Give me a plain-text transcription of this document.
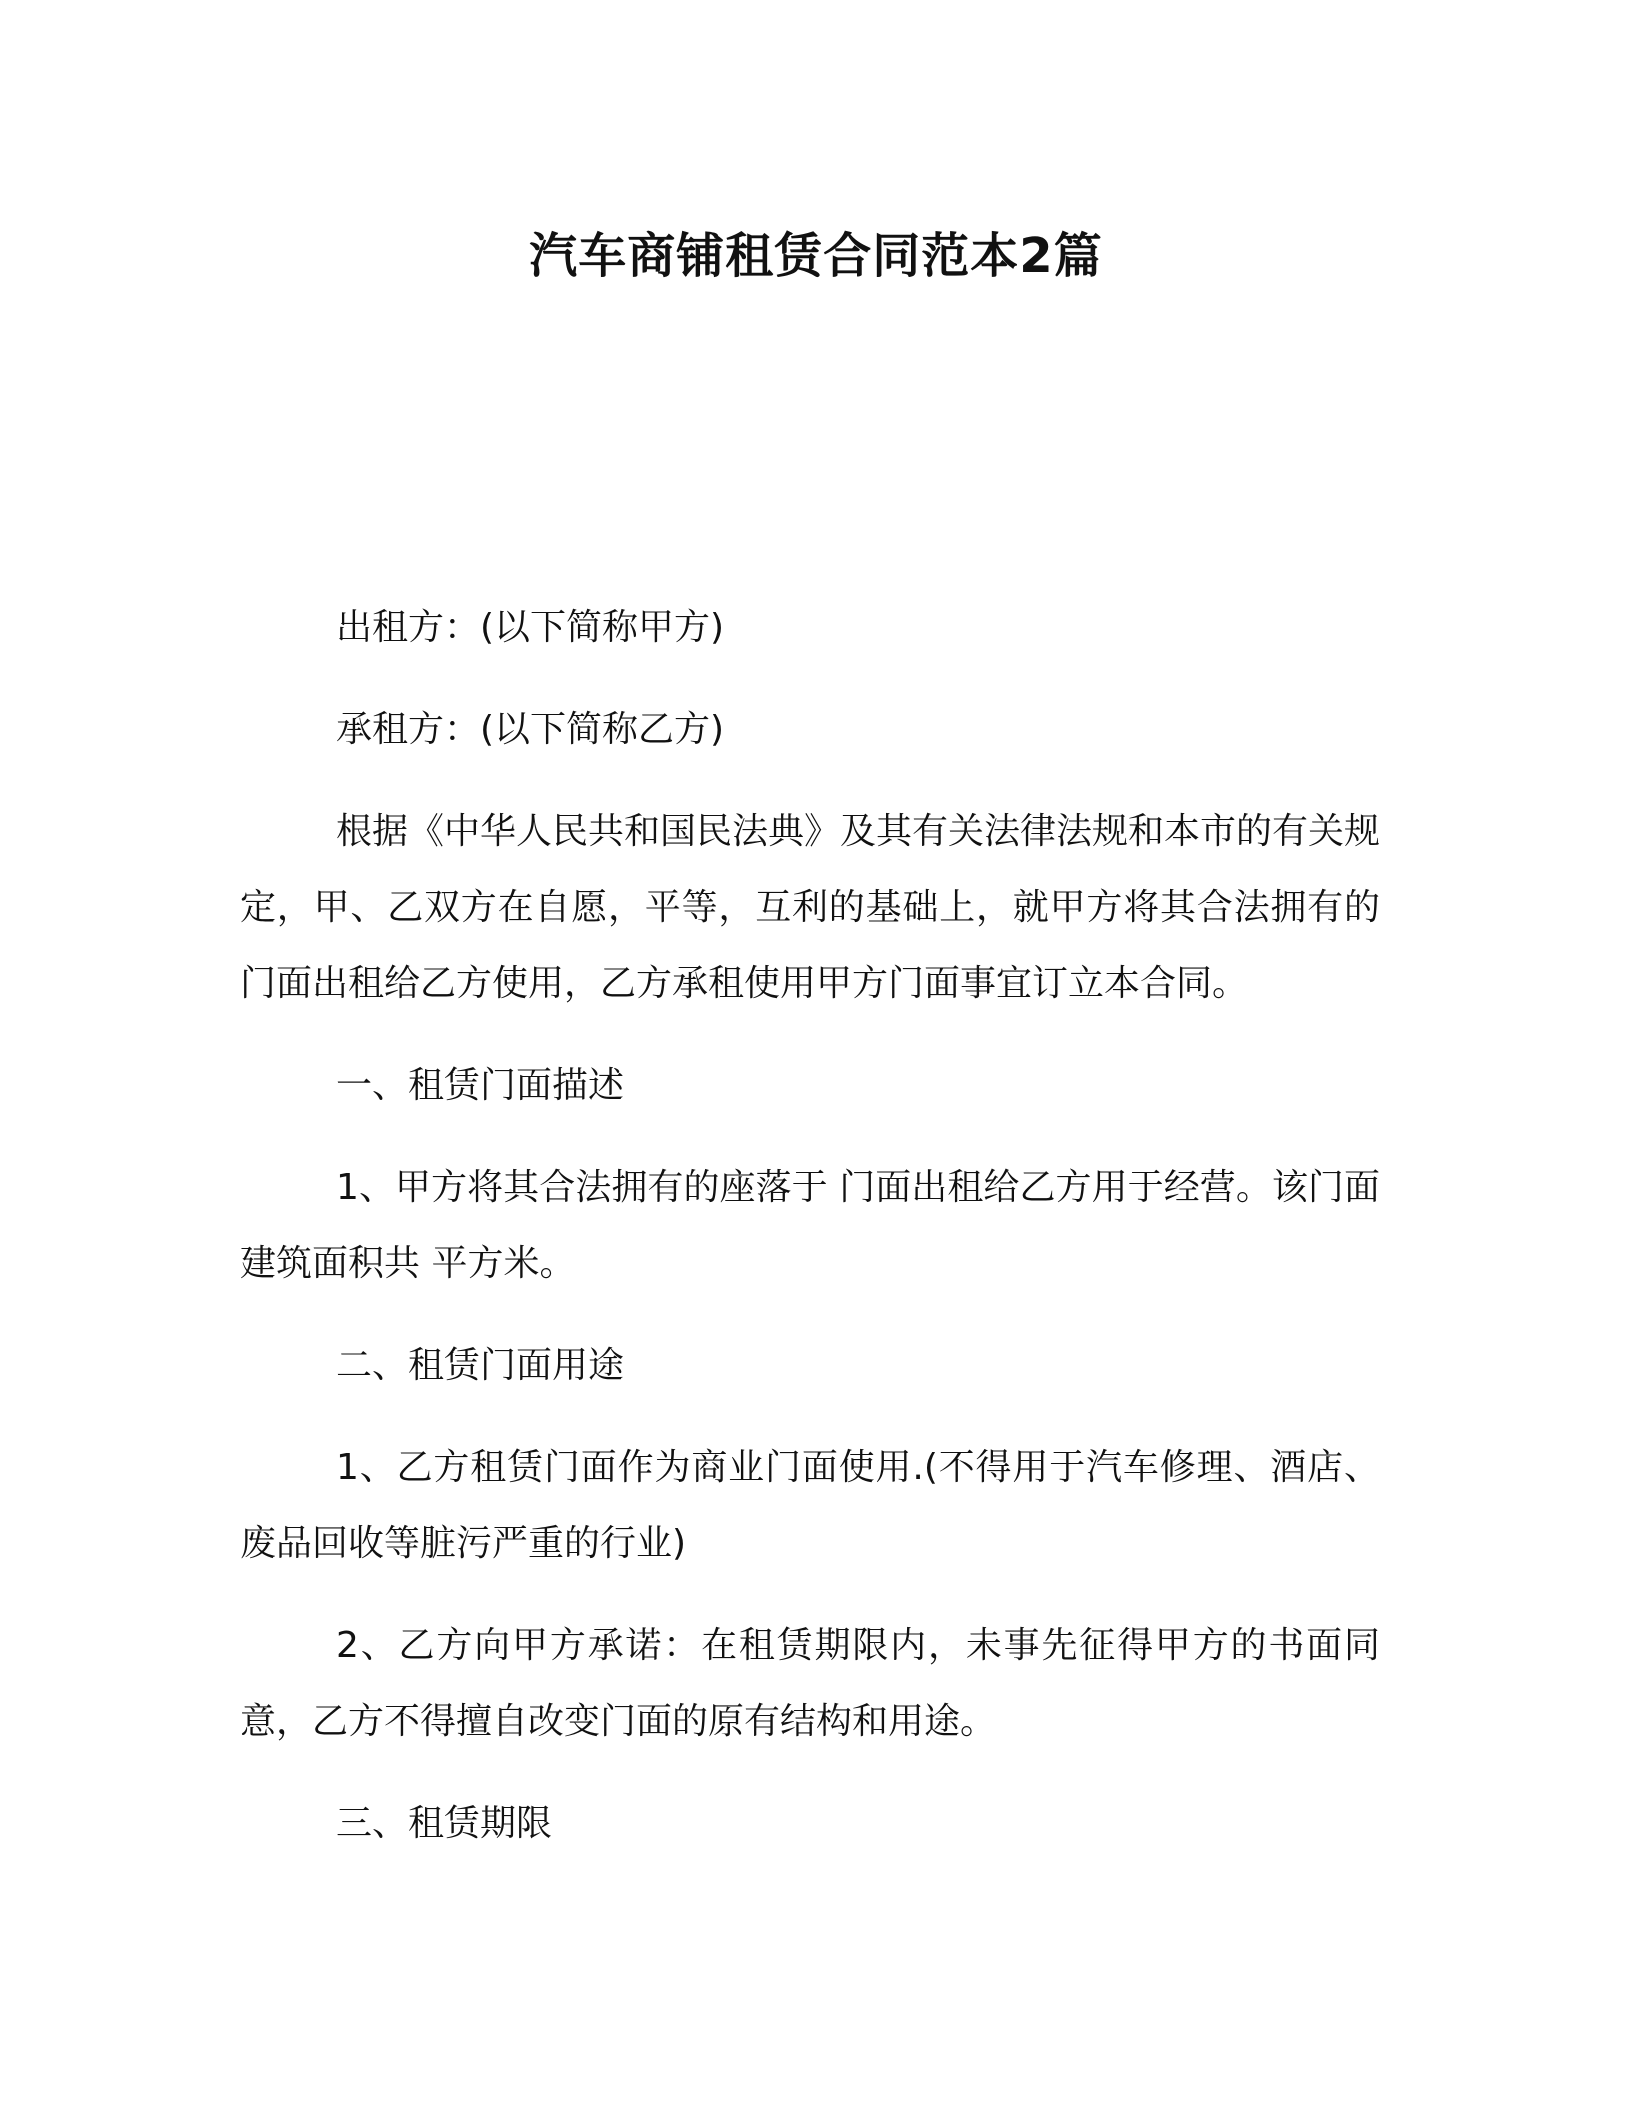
汽车商铺租赁合同范本2篇

出租方：(以下简称甲方)

承租方：(以下简称乙方)

根据《中华人民共和国民法典》及其有关法律法规和本市的有关规定，甲、乙双方在自愿，平等，互利的基础上，就甲方将其合法拥有的门面出租给乙方使用，乙方承租使用甲方门面事宜订立本合同。

一、租赁门面描述

1、甲方将其合法拥有的座落于 门面出租给乙方用于经营。该门面建筑面积共 平方米。

二、租赁门面用途

1、乙方租赁门面作为商业门面使用.(不得用于汽车修理、酒店、废品回收等脏污严重的行业)

2、乙方向甲方承诺：在租赁期限内，未事先征得甲方的书面同意，乙方不得擅自改变门面的原有结构和用途。

三、租赁期限
